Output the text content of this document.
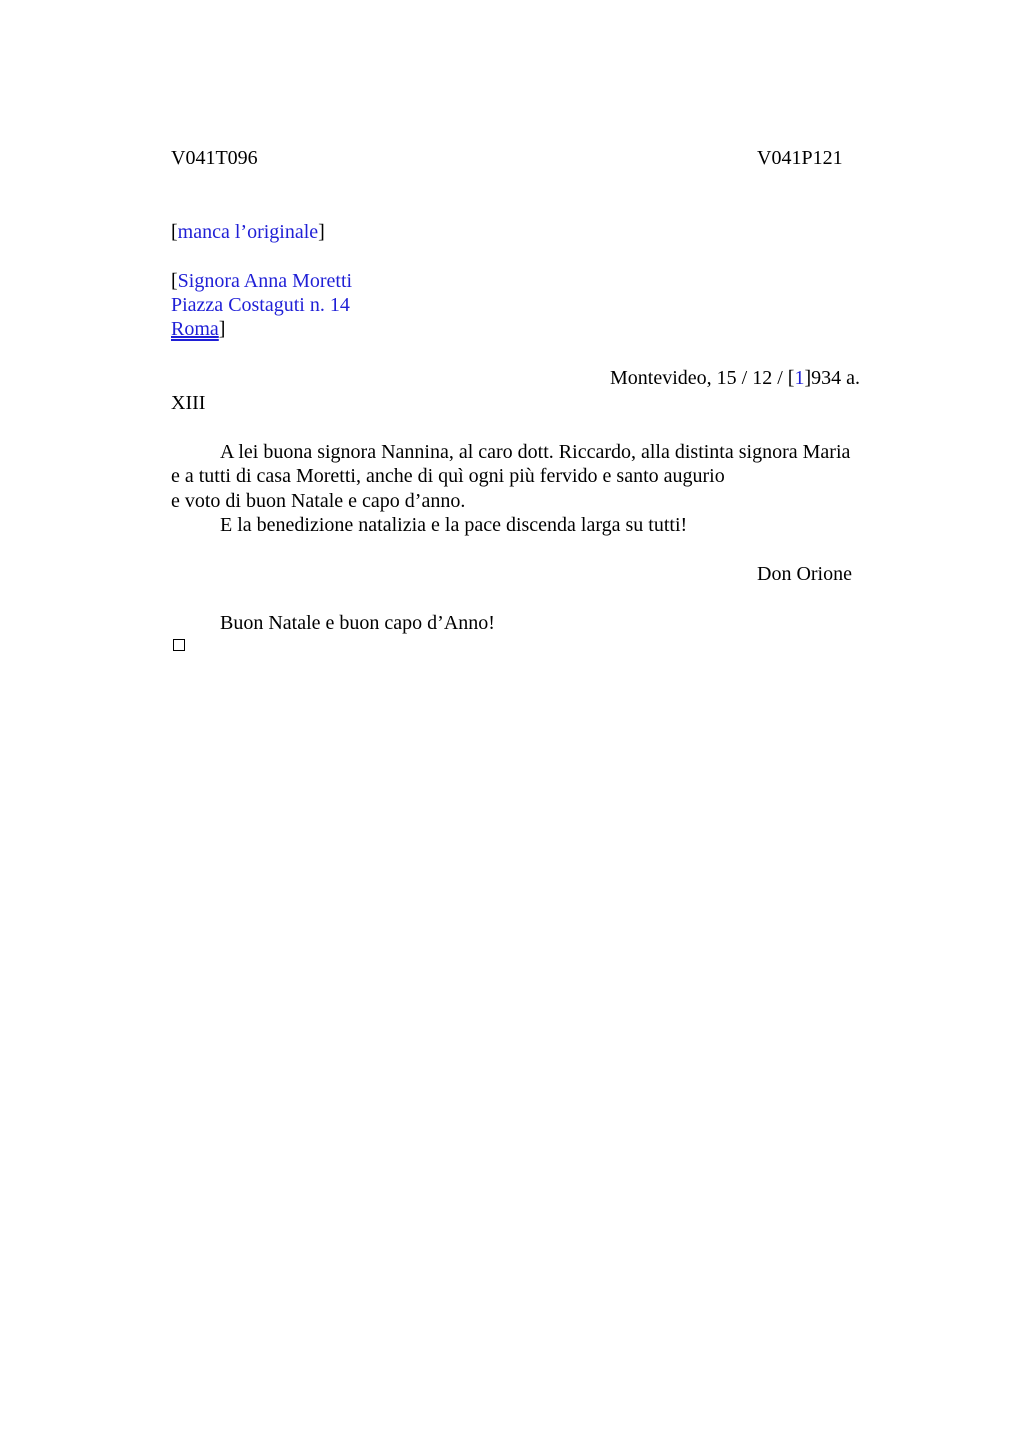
V041T096	V041P121
[manca l’originale]
[Signora Anna Moretti
Piazza Costaguti n. 14
Roma]
Montevideo, 15 / 12 / [1]934 a.
XIII
A lei buona signora Nannina, al caro dott. Riccardo, alla distinta signora Maria
e a tutti di casa Moretti, anche di quì ogni più fervido e santo augurio
e voto di buon Natale e capo d’anno.
E la benedizione natalizia e la pace discenda larga su tutti!
Don Orione
Buon Natale e buon capo d’Anno!
